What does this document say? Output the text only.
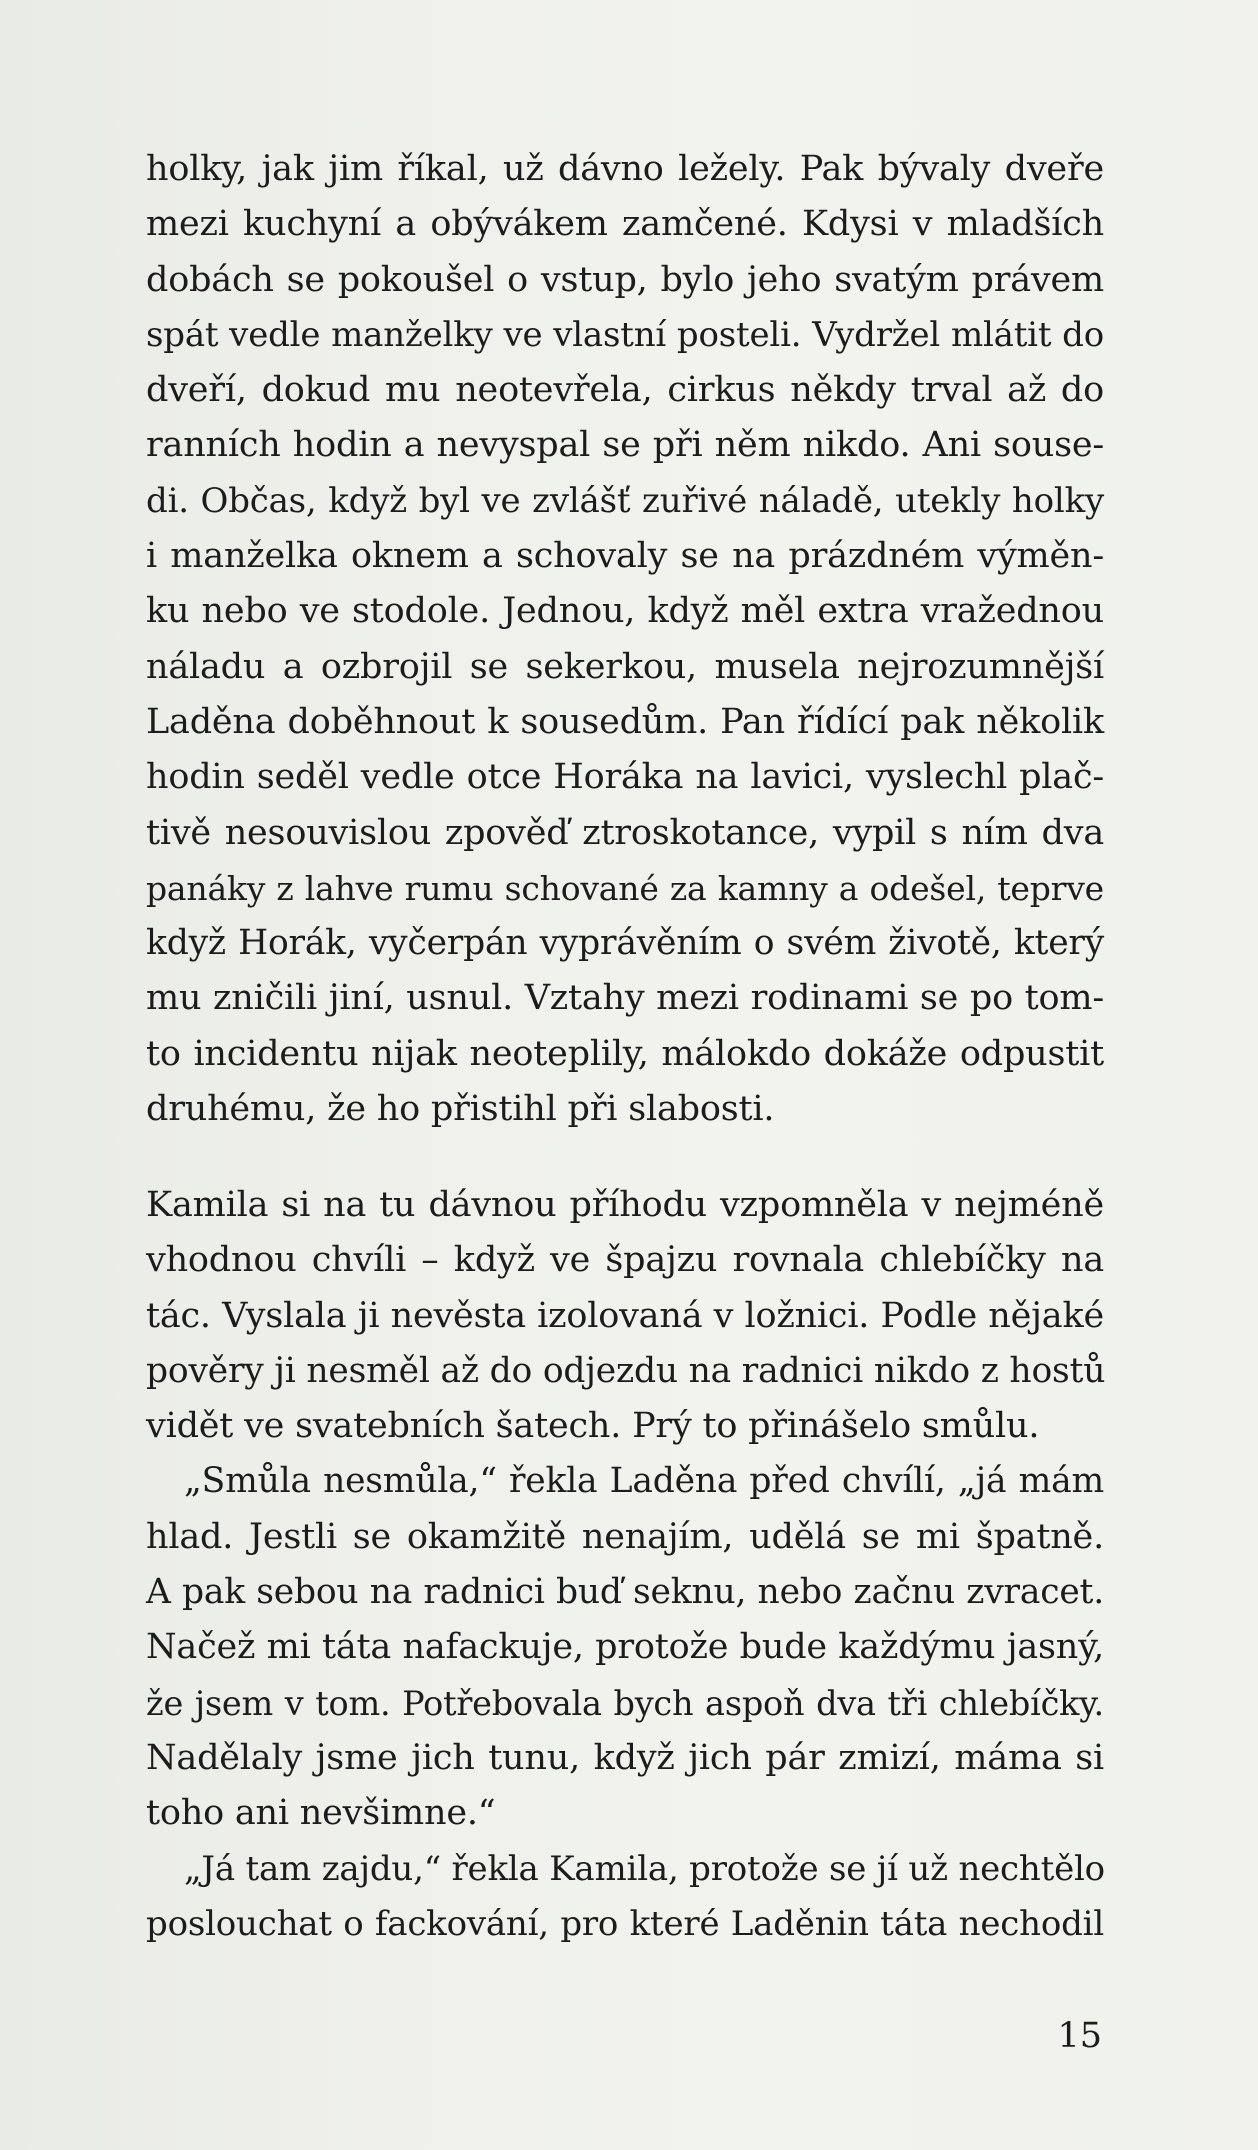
holky, jak jim říkal, už dávno ležely. Pak bývaly dveře
mezi kuchyní a obývákem zamčené. Kdysi v mladších
dobách se pokoušel o vstup, bylo jeho svatým právem
spát vedle manželky ve vlastní posteli. Vydržel mlátit do
dveří, dokud mu neotevřela, cirkus někdy trval až do
ranních hodin a nevyspal se při něm nikdo. Ani souse-
di. Občas, když byl ve zvlášť zuřivé náladě, utekly holky
i manželka oknem a schovaly se na prázdném výměn-
ku nebo ve stodole. Jednou, když měl extra vražednou
náladu a ozbrojil se sekerkou, musela nejrozumnější
Laděna doběhnout k sousedům. Pan řídící pak několik
hodin seděl vedle otce Horáka na lavici, vyslechl plač-
tivě nesouvislou zpověď ztroskotance, vypil s ním dva
panáky z lahve rumu schované za kamny a odešel, teprve
když Horák, vyčerpán vyprávěním o svém životě, který
mu zničili jiní, usnul. Vztahy mezi rodinami se po tom-
to incidentu nijak neoteplily, málokdo dokáže odpustit
druhému, že ho přistihl při slabosti.
Kamila si na tu dávnou příhodu vzpomněla v nejméně
vhodnou chvíli – když ve špajzu rovnala chlebíčky na
tác. Vyslala ji nevěsta izolovaná v ložnici. Podle nějaké
pověry ji nesměl až do odjezdu na radnici nikdo z hostů
vidět ve svatebních šatech. Prý to přinášelo smůlu.
„Smůla nesmůla,“ řekla Laděna před chvílí, „já mám
hlad. Jestli se okamžitě nenajím, udělá se mi špatně.
A pak sebou na radnici buď seknu, nebo začnu zvracet.
Načež mi táta nafackuje, protože bude každýmu jasný,
že jsem v tom. Potřebovala bych aspoň dva tři chlebíčky.
Nadělaly jsme jich tunu, když jich pár zmizí, máma si
toho ani nevšimne.“
„Já tam zajdu,“ řekla Kamila, protože se jí už nechtělo
poslouchat o fackování, pro které Laděnin táta nechodil
15
